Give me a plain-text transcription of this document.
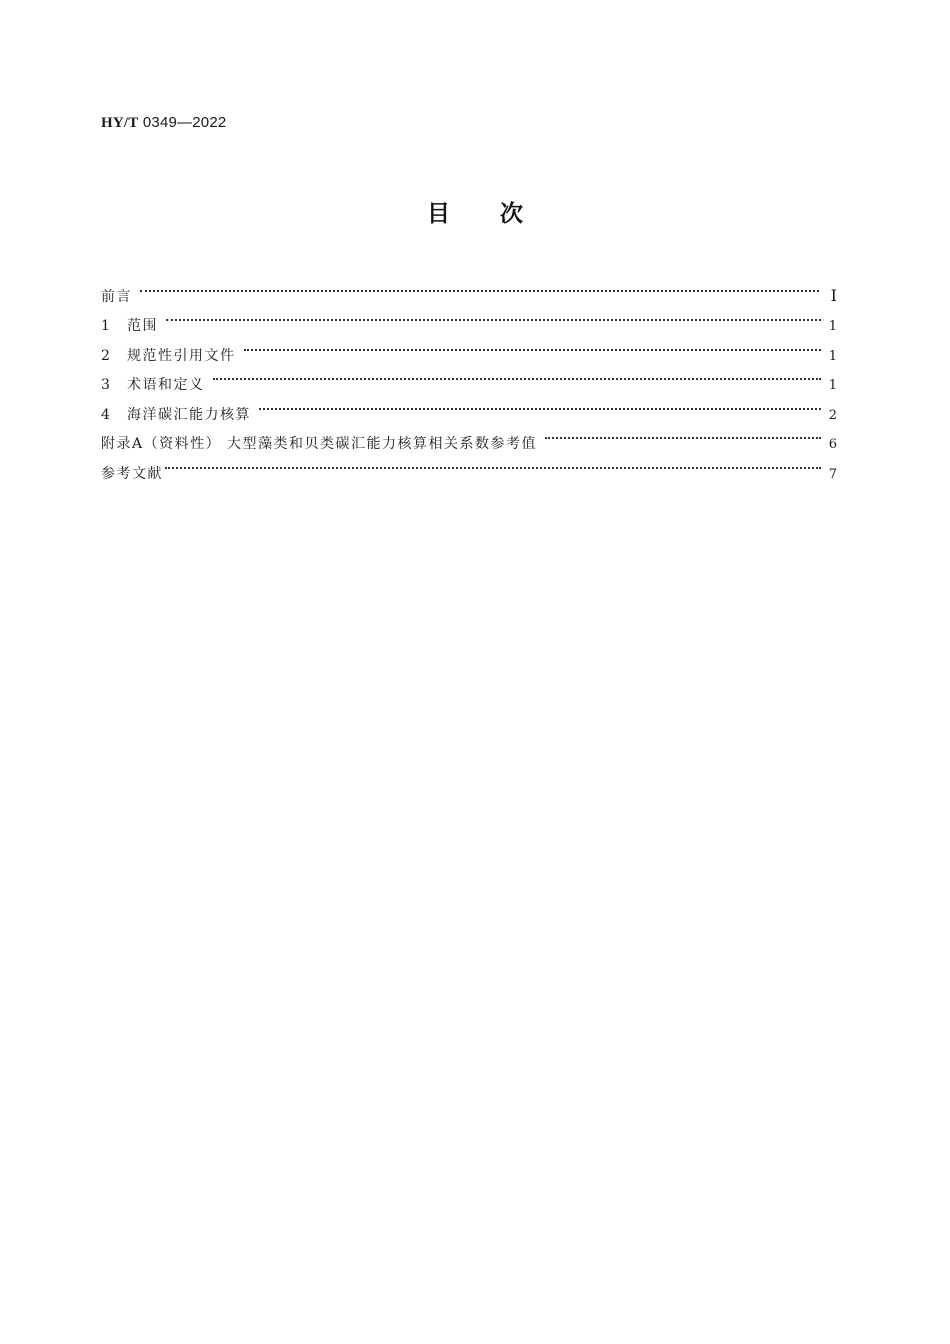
HY/T 0349—2022
目 次
前言	Ⅰ
1	范围	1
2	规范性引用文件	1
3	术语和定义	1
4	海洋碳汇能力核算	2
附录A（资料性） 大型藻类和贝类碳汇能力核算相关系数参考值	6
参考文献	7
